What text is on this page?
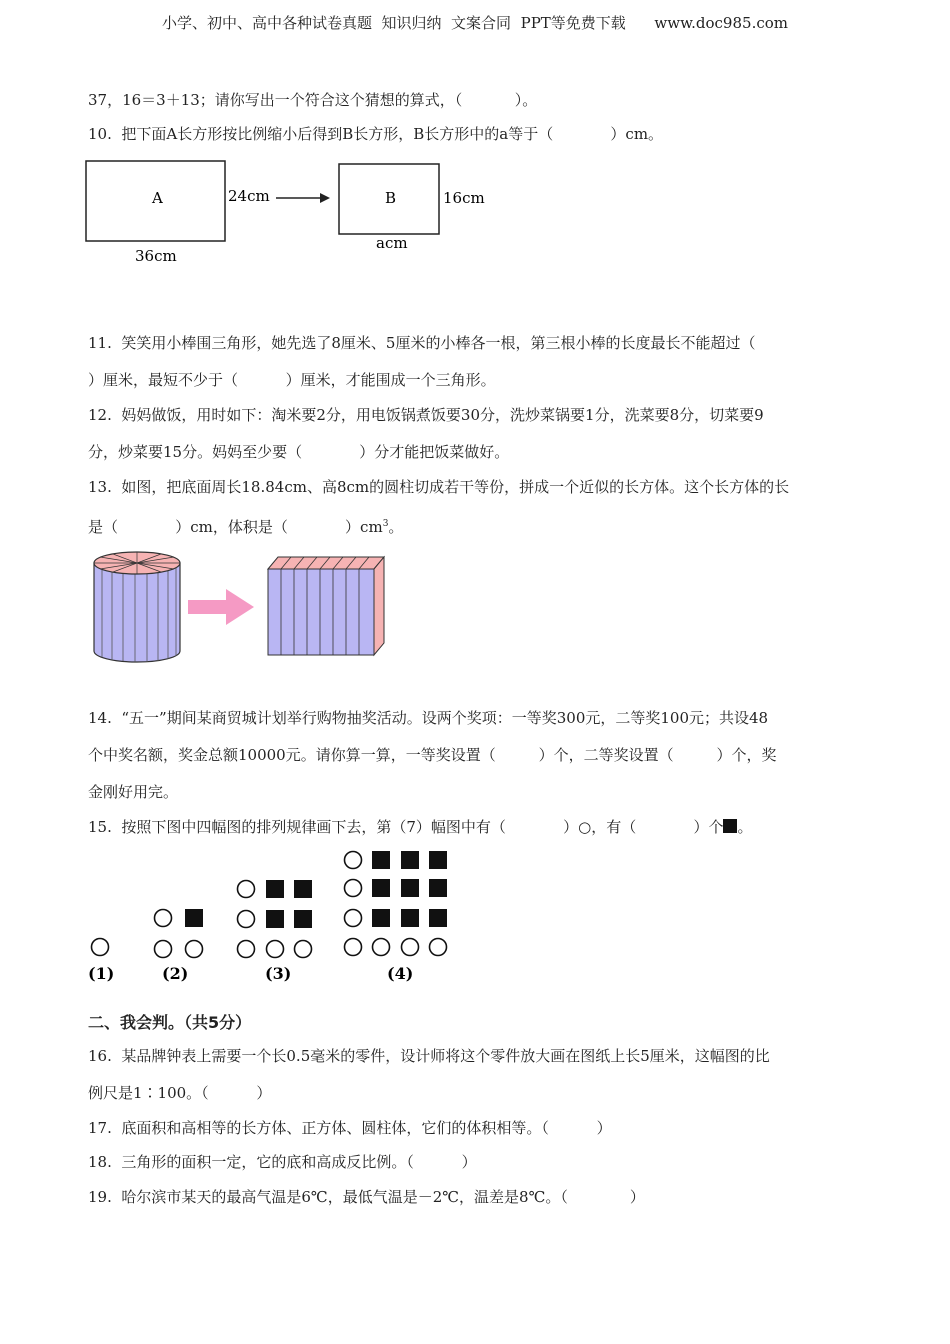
小学、初中、高中各种试卷真题  知识归纳  文案合同  PPT等免费下载      www.doc985.com
37，16＝3＋13；请你写出一个符合这个猜想的算式，（           ）。
10.  把下面A长方形按比例缩小后得到B长方形，B长方形中的a等于（            ）cm。
A	24cm
36cm
B	16cm
acm
11.  笑笑用小棒围三角形，她先选了8厘米、5厘米的小棒各一根，第三根小棒的长度最长不能超过（
）厘米，最短不少于（          ）厘米，才能围成一个三角形。
12.  妈妈做饭，用时如下：淘米要2分，用电饭锅煮饭要30分，洗炒菜锅要1分，洗菜要8分，切菜要9
分，炒菜要15分。妈妈至少要（            ）分才能把饭菜做好。
13.  如图，把底面周长18.84cm、高8cm的圆柱切成若干等份，拼成一个近似的长方体。这个长方体的长
是（            ）cm，体积是（            ）$cm^3$。
14.  “五一”期间某商贸城计划举行购物抽奖活动。设两个奖项：一等奖300元，二等奖100元；共设48
个中奖名额，奖金总额10000元。请你算一算，一等奖设置（         ）个，二等奖设置（         ）个，奖
金刚好用完。
15.  按照下图中四幅图的排列规律画下去，第（7）幅图中有（            ）○，有（            ）个 。
(1)	(2)	(3)	(4)
二、我会判。（共5分）
16.  某品牌钟表上需要一个长0.5毫米的零件，设计师将这个零件放大画在图纸上长5厘米，这幅图的比
例尺是1∶100。（          ）
17.  底面积和高相等的长方体、正方体、圆柱体，它们的体积相等。（          ）
18.  三角形的面积一定，它的底和高成反比例。（          ）
19.  哈尔滨市某天的最高气温是6℃，最低气温是－2℃，温差是8℃。（             ）
